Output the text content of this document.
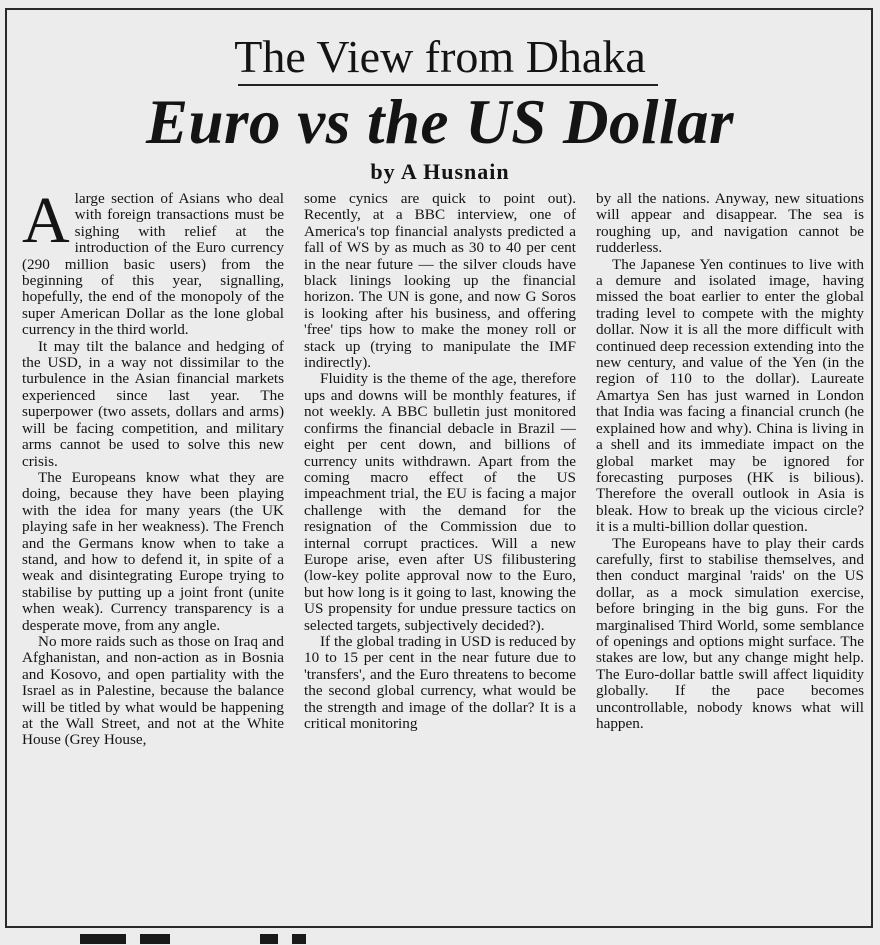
The View from Dhaka
Euro vs the US Dollar
by A Husnain
A large section of Asians who deal with foreign transactions must be sighing with relief at the introduction of the Euro currency (290 million basic users) from the beginning of this year, signalling, hopefully, the end of the monopoly of the super American Dollar as the lone global currency in the third world.

It may tilt the balance and hedging of the USD, in a way not dissimilar to the turbulence in the Asian financial markets experienced since last year. The superpower (two assets, dollars and arms) will be facing competition, and military arms cannot be used to solve this new crisis.

The Europeans know what they are doing, because they have been playing with the idea for many years (the UK playing safe in her weakness). The French and the Germans know when to take a stand, and how to defend it, in spite of a weak and disintegrating Europe trying to stabilise by putting up a joint front (unite when weak). Currency transparency is a desperate move, from any angle.

No more raids such as those on Iraq and Afghanistan, and non-action as in Bosnia and Kosovo, and open partiality with the Israel as in Palestine, because the balance will be titled by what would be happening at the Wall Street, and not at the White House (Grey House,

some cynics are quick to point out). Recently, at a BBC interview, one of America's top financial analysts predicted a fall of WS by as much as 30 to 40 per cent in the near future — the silver clouds have black linings looking up the financial horizon. The UN is gone, and now G Soros is looking after his business, and offering 'free' tips how to make the money roll or stack up (trying to manipulate the IMF indirectly).

Fluidity is the theme of the age, therefore ups and downs will be monthly features, if not weekly. A BBC bulletin just monitored confirms the financial debacle in Brazil — eight per cent down, and billions of currency units withdrawn. Apart from the coming macro effect of the US impeachment trial, the EU is facing a major challenge with the demand for the resignation of the Commission due to internal corrupt practices. Will a new Europe arise, even after US filibustering (low-key polite approval now to the Euro, but how long is it going to last, knowing the US propensity for undue pressure tactics on selected targets, subjectively decided?).

If the global trading in USD is reduced by 10 to 15 per cent in the near future due to 'transfers', and the Euro threatens to become the second global currency, what would be the strength and image of the dollar? It is a critical monitoring

by all the nations. Anyway, new situations will appear and disappear. The sea is roughing up, and navigation cannot be rudderless.

The Japanese Yen continues to live with a demure and isolated image, having missed the boat earlier to enter the global trading level to compete with the mighty dollar. Now it is all the more difficult with continued deep recession extending into the new century, and value of the Yen (in the region of 110 to the dollar). Laureate Amartya Sen has just warned in London that India was facing a financial crunch (he explained how and why). China is living in a shell and its immediate impact on the global market may be ignored for forecasting purposes (HK is bilious). Therefore the overall outlook in Asia is bleak. How to break up the vicious circle? it is a multi-billion dollar question.

The Europeans have to play their cards carefully, first to stabilise themselves, and then conduct marginal 'raids' on the US dollar, as a mock simulation exercise, before bringing in the big guns. For the marginalised Third World, some semblance of openings and options might surface. The stakes are low, but any change might help. The Euro-dollar battle swill affect liquidity globally. If the pace becomes uncontrollable, nobody knows what will happen.
